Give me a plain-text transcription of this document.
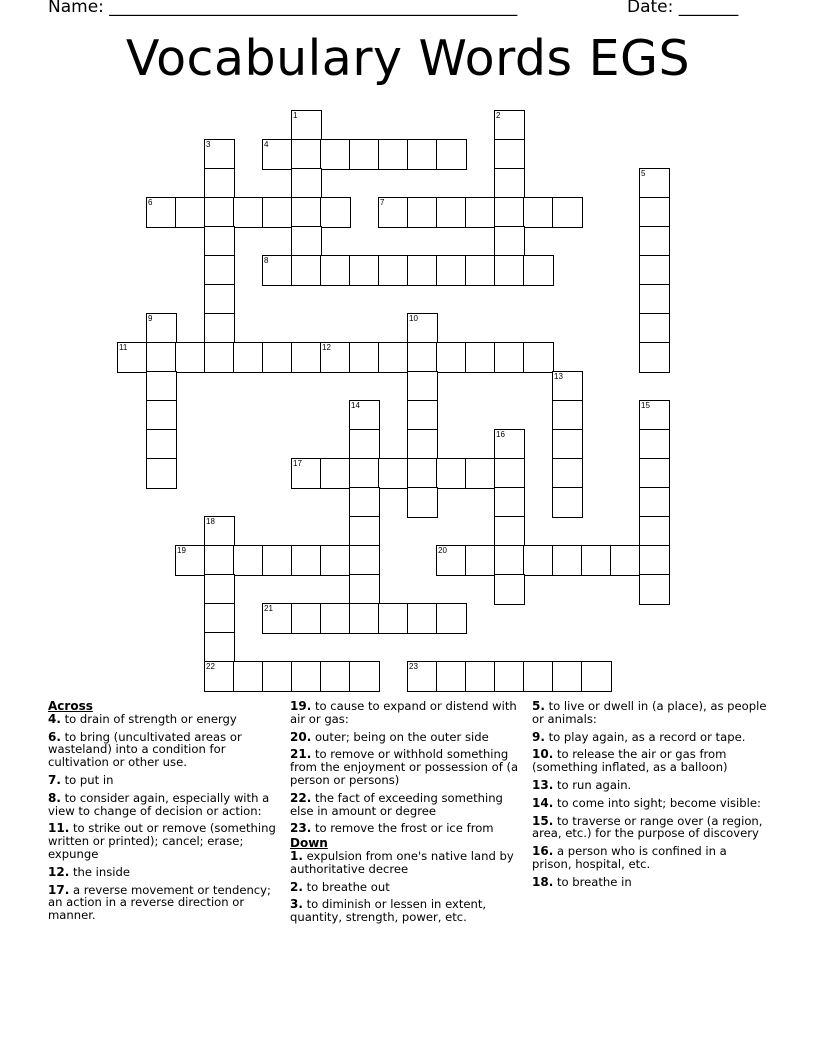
Name: ________________________________________________	Date: _______
Vocabulary Words EGS
1	2
3	4
5
6	7
8
9	10
11	12
13
14	15
16
17
18
19	20
21
22	23
Across
4. to drain of strength or energy
6. to bring (uncultivated areas or wasteland) into a condition for cultivation or other use.
7. to put in
8. to consider again, especially with a view to change of decision or action:
11. to strike out or remove (something written or printed); cancel; erase; expunge
12. the inside
17. a reverse movement or tendency; an action in a reverse direction or manner.
19. to cause to expand or distend with air or gas:
20. outer; being on the outer side
21. to remove or withhold something from the enjoyment or possession of (a person or persons)
22. the fact of exceeding something else in amount or degree
23. to remove the frost or ice from
Down
1. expulsion from one's native land by authoritative decree
2. to breathe out
3. to diminish or lessen in extent, quantity, strength, power, etc.
5. to live or dwell in (a place), as people or animals:
9. to play again, as a record or tape.
10. to release the air or gas from (something inflated, as a balloon)
13. to run again.
14. to come into sight; become visible:
15. to traverse or range over (a region, area, etc.) for the purpose of discovery
16. a person who is confined in a prison, hospital, etc.
18. to breathe in
